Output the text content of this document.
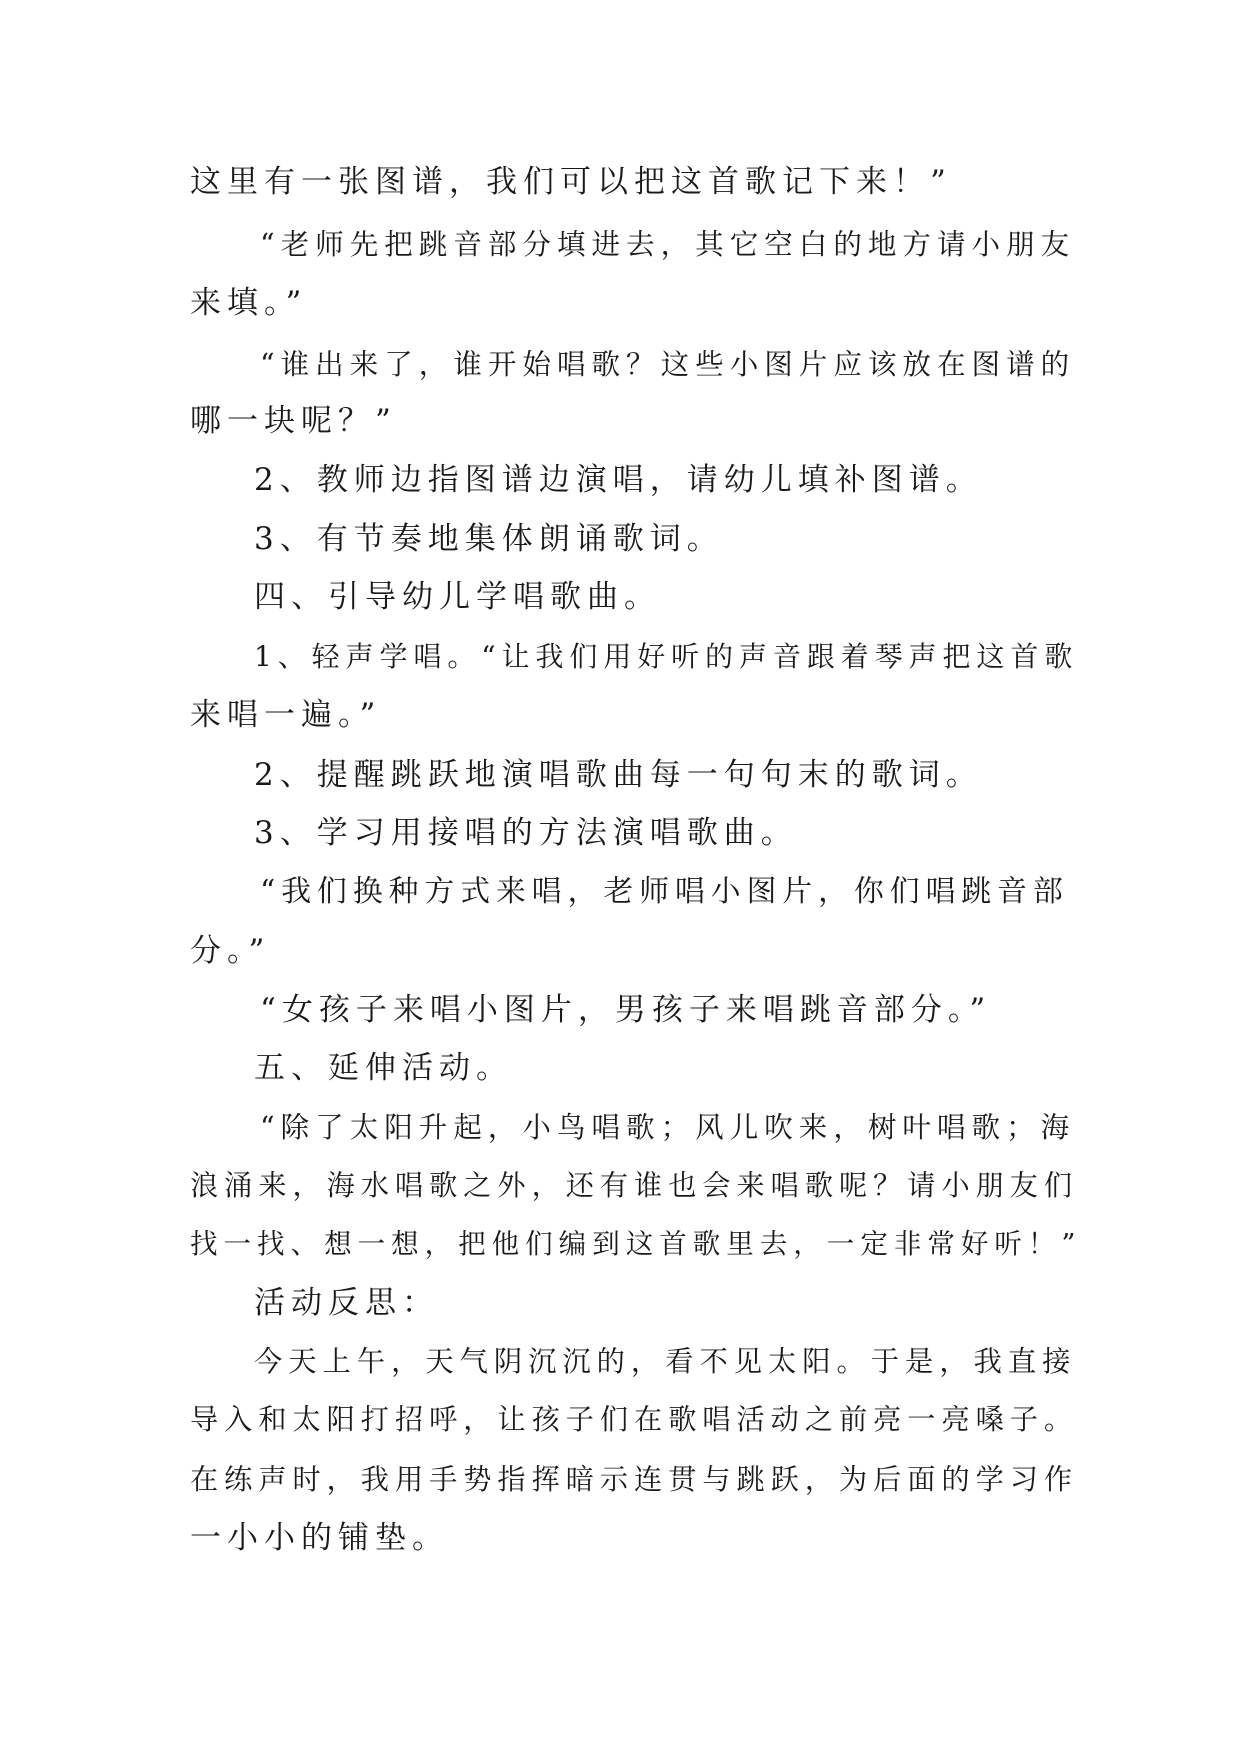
这里有一张图谱，我们可以把这首歌记下来！”
“老师先把跳音部分填进去，其它空白的地方请小朋友
来填。”
“谁出来了，谁开始唱歌？这些小图片应该放在图谱的
哪一块呢？”
2、教师边指图谱边演唱，请幼儿填补图谱。
3、有节奏地集体朗诵歌词。
四、引导幼儿学唱歌曲。
1、轻声学唱。“让我们用好听的声音跟着琴声把这首歌
来唱一遍。”
2、提醒跳跃地演唱歌曲每一句句末的歌词。
3、学习用接唱的方法演唱歌曲。
“我们换种方式来唱，老师唱小图片，你们唱跳音部
分。”
“女孩子来唱小图片，男孩子来唱跳音部分。”
五、延伸活动。
“除了太阳升起，小鸟唱歌；风儿吹来，树叶唱歌；海
浪涌来，海水唱歌之外，还有谁也会来唱歌呢？请小朋友们
找一找、想一想，把他们编到这首歌里去，一定非常好听！”
活动反思：
今天上午，天气阴沉沉的，看不见太阳。于是，我直接
导入和太阳打招呼，让孩子们在歌唱活动之前亮一亮嗓子。
在练声时，我用手势指挥暗示连贯与跳跃，为后面的学习作
一小小的铺垫。
